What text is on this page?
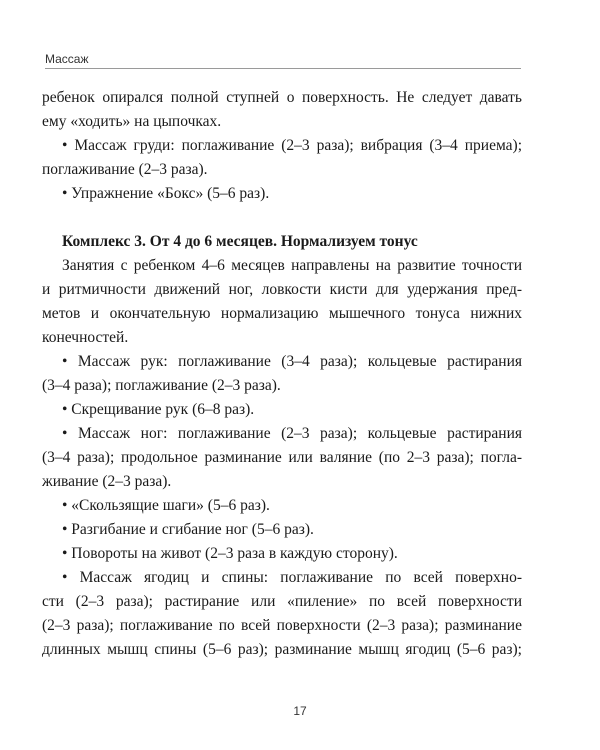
Массаж
ребенок опирался полной ступней о поверхность. Не следует давать
ему «ходить» на цыпочках.
• Массаж груди: поглаживание (2–3 раза); вибрация (3–4 приема);
поглаживание (2–3 раза).
• Упражнение «Бокс» (5–6 раз).
Комплекс 3. От 4 до 6 месяцев. Нормализуем тонус
Занятия с ребенком 4–6 месяцев направлены на развитие точности
и ритмичности движений ног, ловкости кисти для удержания пред-
метов и окончательную нормализацию мышечного тонуса нижних
конечностей.
• Массаж рук: поглаживание (3–4 раза); кольцевые растирания
(3–4 раза); поглаживание (2–3 раза).
• Скрещивание рук (6–8 раз).
• Массаж ног: поглаживание (2–3 раза); кольцевые растирания
(3–4 раза); продольное разминание или валяние (по 2–3 раза); погла-
живание (2–3 раза).
• «Скользящие шаги» (5–6 раз).
• Разгибание и сгибание ног (5–6 раз).
• Повороты на живот (2–3 раза в каждую сторону).
• Массаж ягодиц и спины: поглаживание по всей поверхно-
сти (2–3 раза); растирание или «пиление» по всей поверхности
(2–3 раза); поглаживание по всей поверхности (2–3 раза); разминание
длинных мышц спины (5–6 раз); разминание мышц ягодиц (5–6 раз);
17
